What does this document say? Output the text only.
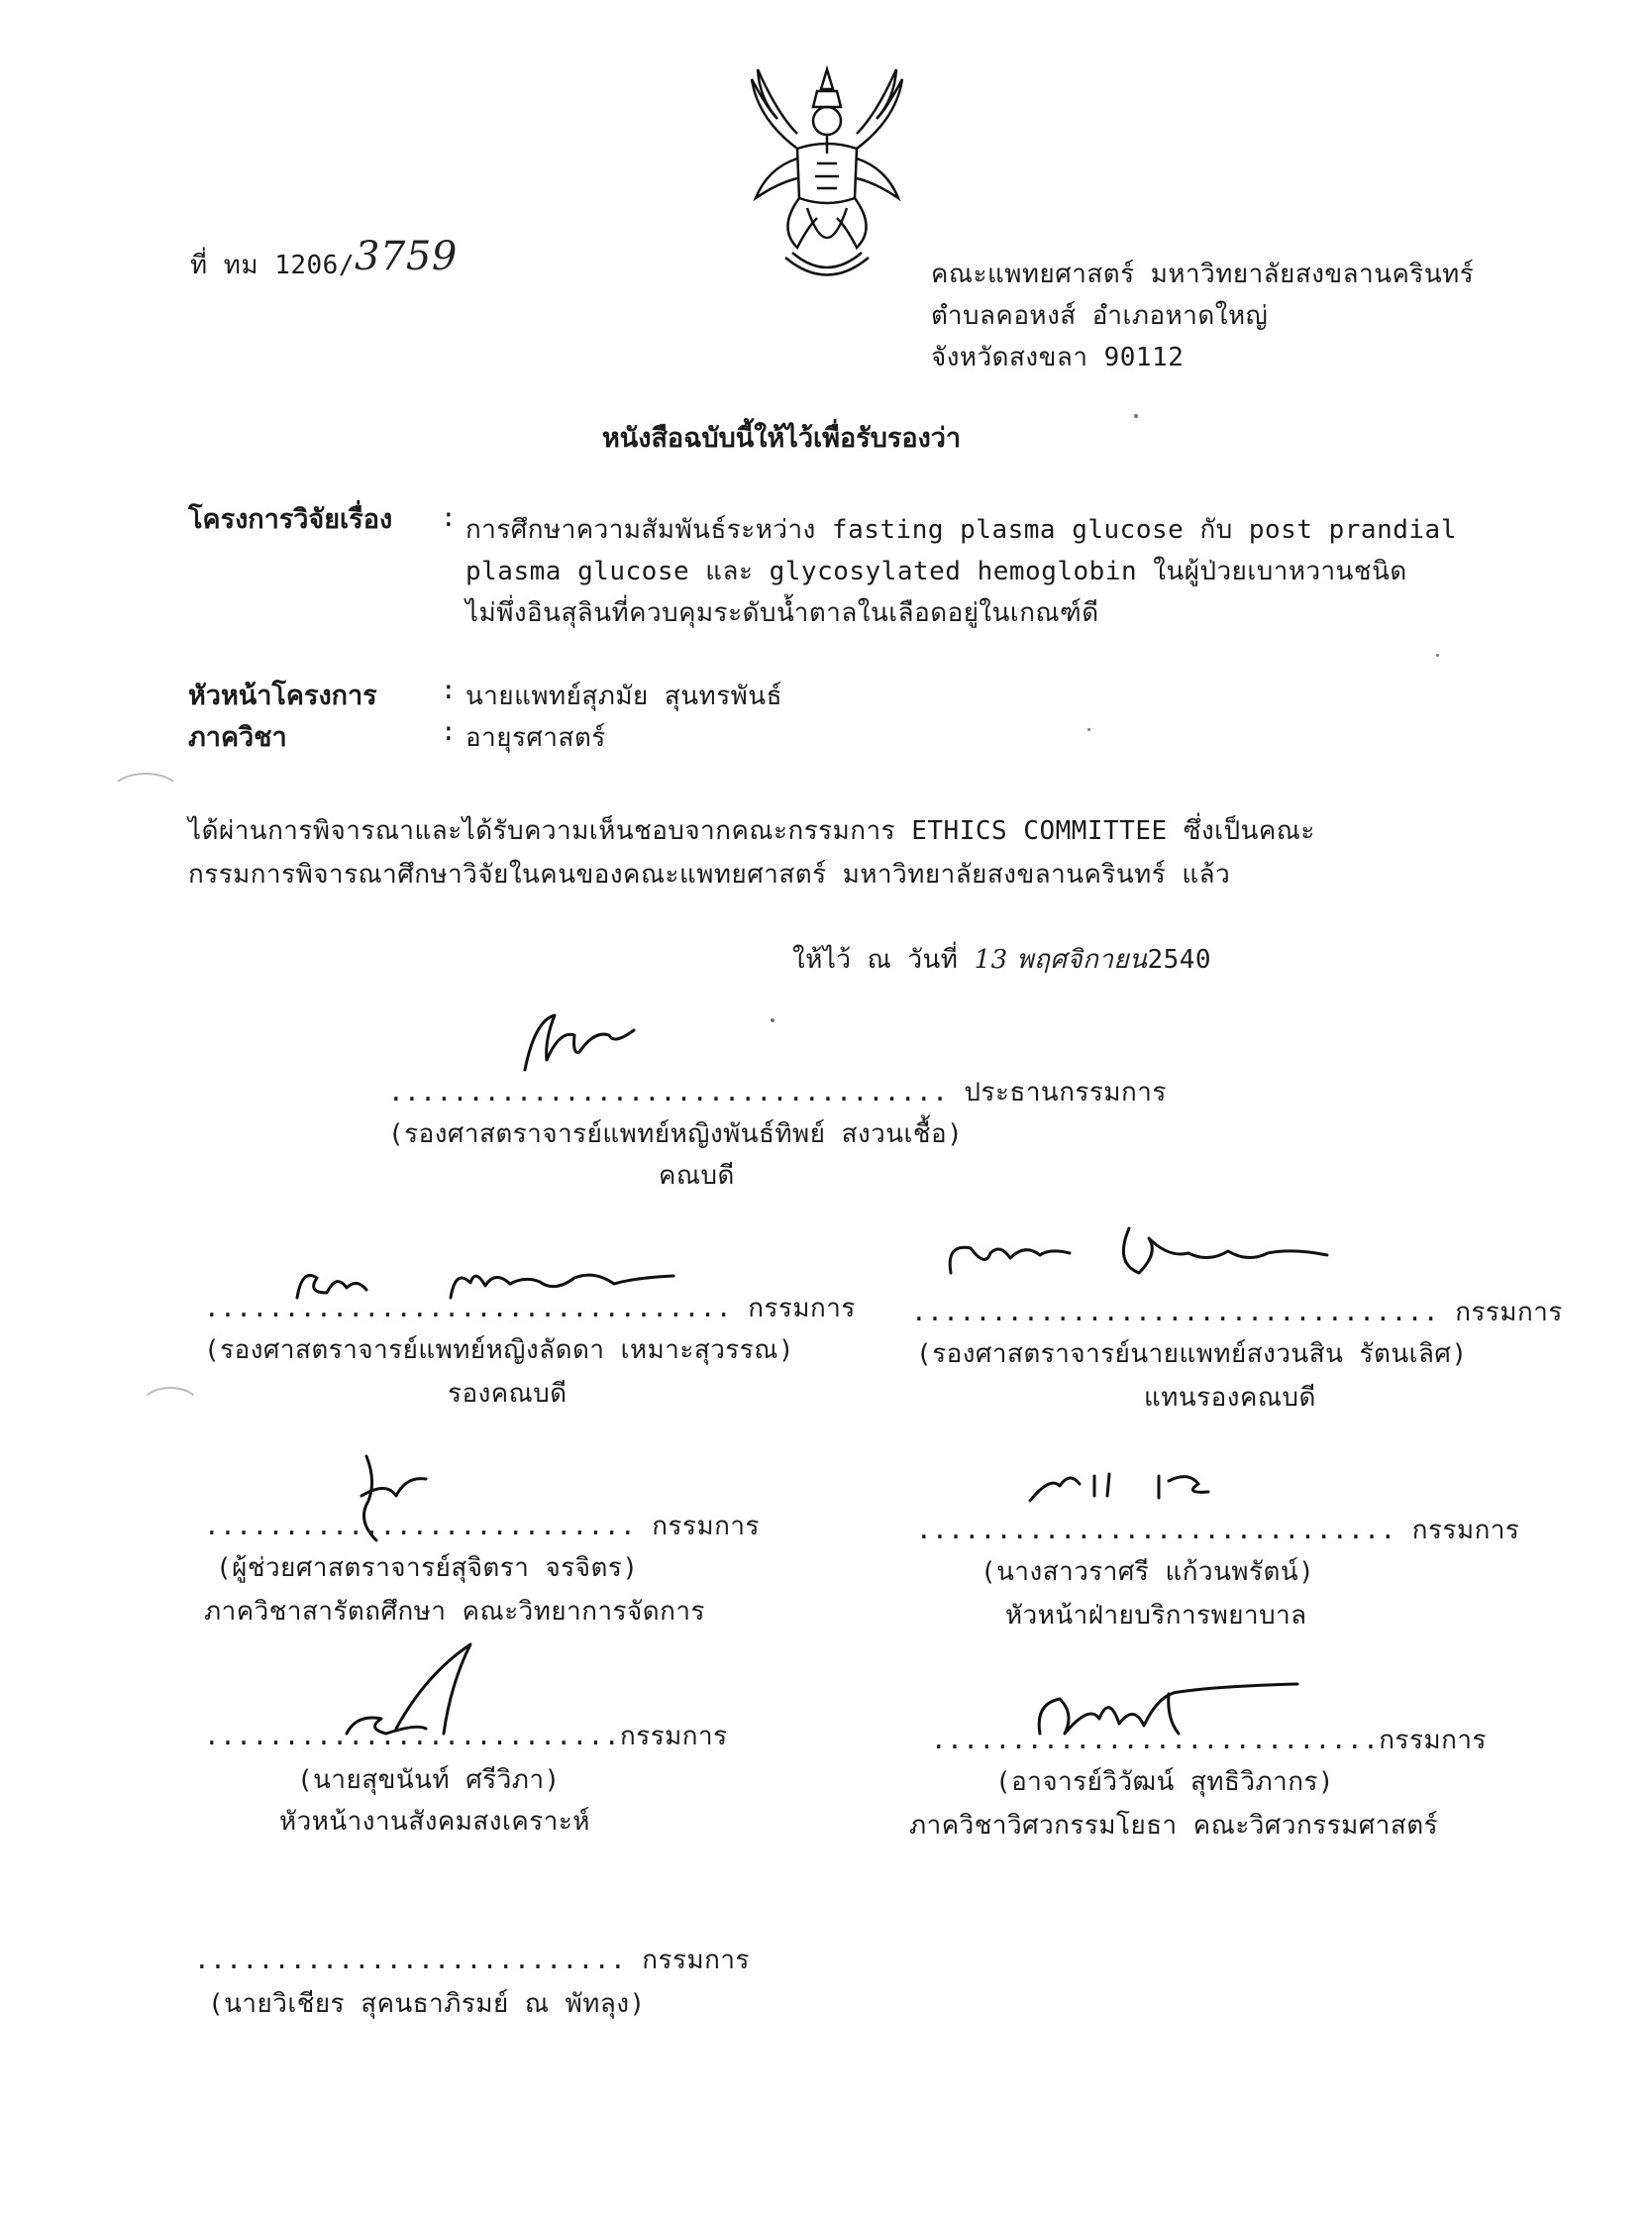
ที่ ทม 1206/3759	คณะแพทยศาสตร์ มหาวิทยาลัยสงขลานครินทร์
ตำบลคอหงส์ อำเภอหาดใหญ่
จังหวัดสงขลา 90112
หนังสือฉบับนี้ให้ไว้เพื่อรับรองว่า
โครงการวิจัยเรื่อง : การศึกษาความสัมพันธ์ระหว่าง fasting plasma glucose กับ post prandial
plasma glucose และ glycosylated hemoglobin ในผู้ป่วยเบาหวานชนิด
ไม่พึ่งอินสุลินที่ควบคุมระดับน้ำตาลในเลือดอยู่ในเกณฑ์ดี
หัวหน้าโครงการ : นายแพทย์สุภมัย สุนทรพันธ์
ภาควิชา	: อายุรศาสตร์
ได้ผ่านการพิจารณาและได้รับความเห็นชอบจากคณะกรรมการ ETHICS COMMITTEE ซึ่งเป็นคณะ
กรรมการพิจารณาศึกษาวิจัยในคนของคณะแพทยศาสตร์ มหาวิทยาลัยสงขลานครินทร์ แล้ว
ให้ไว้ ณ วันที่ 13 พฤศจิกายน2540
................................... ประธานกรรมการ
(รองศาสตราจารย์แพทย์หญิงพันธ์ทิพย์ สงวนเชื้อ)
คณบดี
................................. กรรมการ
(รองศาสตราจารย์แพทย์หญิงลัดดา เหมาะสุวรรณ)
รองคณบดี
................................. กรรมการ
(รองศาสตราจารย์นายแพทย์สงวนสิน รัตนเลิศ)
แทนรองคณบดี
........................... กรรมการ
(ผู้ช่วยศาสตราจารย์สุจิตรา จรจิตร)
ภาควิชาสารัตถศึกษา คณะวิทยาการจัดการ
.............................. กรรมการ
(นางสาวราศรี แก้วนพรัตน์)
หัวหน้าฝ่ายบริการพยาบาล
..........................กรรมการ
(นายสุขนันท์ ศรีวิภา)
หัวหน้างานสังคมสงเคราะห์
............................กรรมการ
(อาจารย์วิวัฒน์ สุทธิวิภากร)
ภาควิชาวิศวกรรมโยธา คณะวิศวกรรมศาสตร์
........................... กรรมการ
(นายวิเชียร สุคนธาภิรมย์ ณ พัทลุง)
